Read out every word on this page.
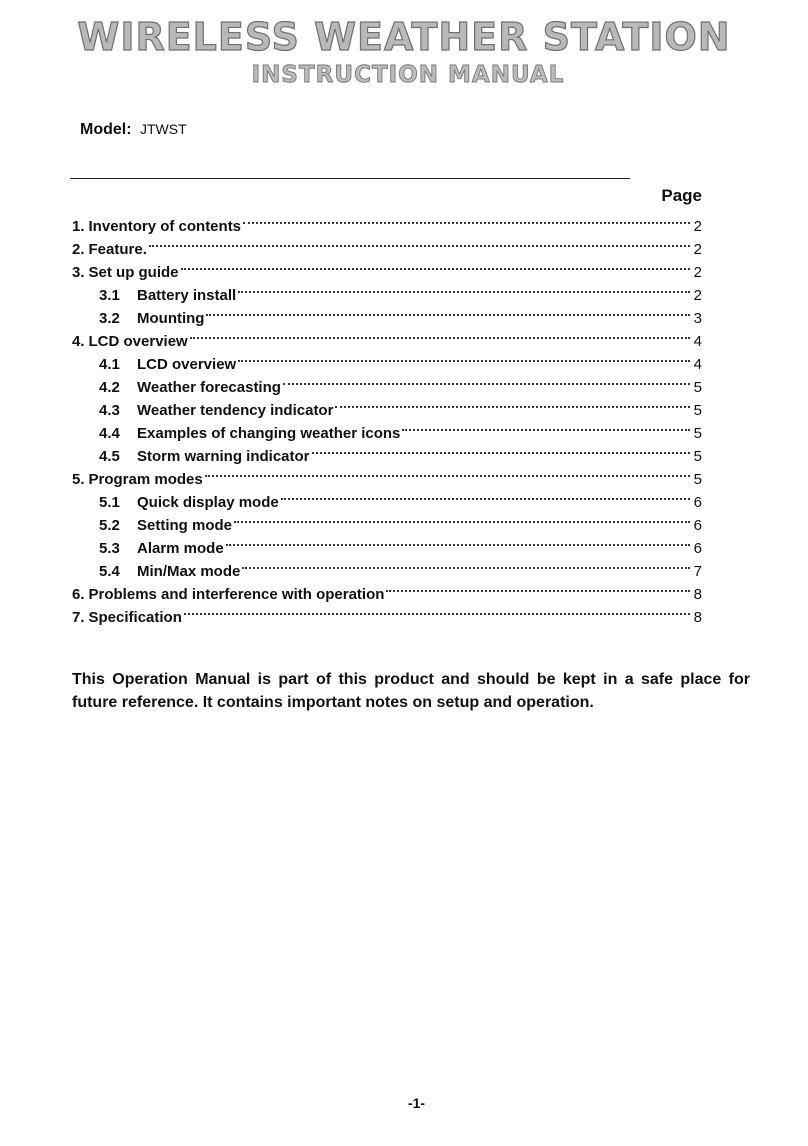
WIRELESS WEATHER STATION
INSTRUCTION MANUAL
Model: JTWST
Page
1. Inventory of contents	2
2. Feature.	2
3. Set up guide	2
3.1	Battery install	2
3.2	Mounting	3
4. LCD overview	4
4.1	LCD overview	4
4.2	Weather forecasting	5
4.3	Weather tendency indicator	5
4.4	Examples of changing weather icons	5
4.5	Storm warning indicator	5
5. Program modes	5
5.1	Quick display mode	6
5.2	Setting mode	6
5.3	Alarm mode	6
5.4	Min/Max mode	7
6. Problems and interference with operation	8
7. Specification	8

This Operation Manual is part of this product and should be kept in a safe place for future reference. It contains important notes on setup and operation.

-1-
